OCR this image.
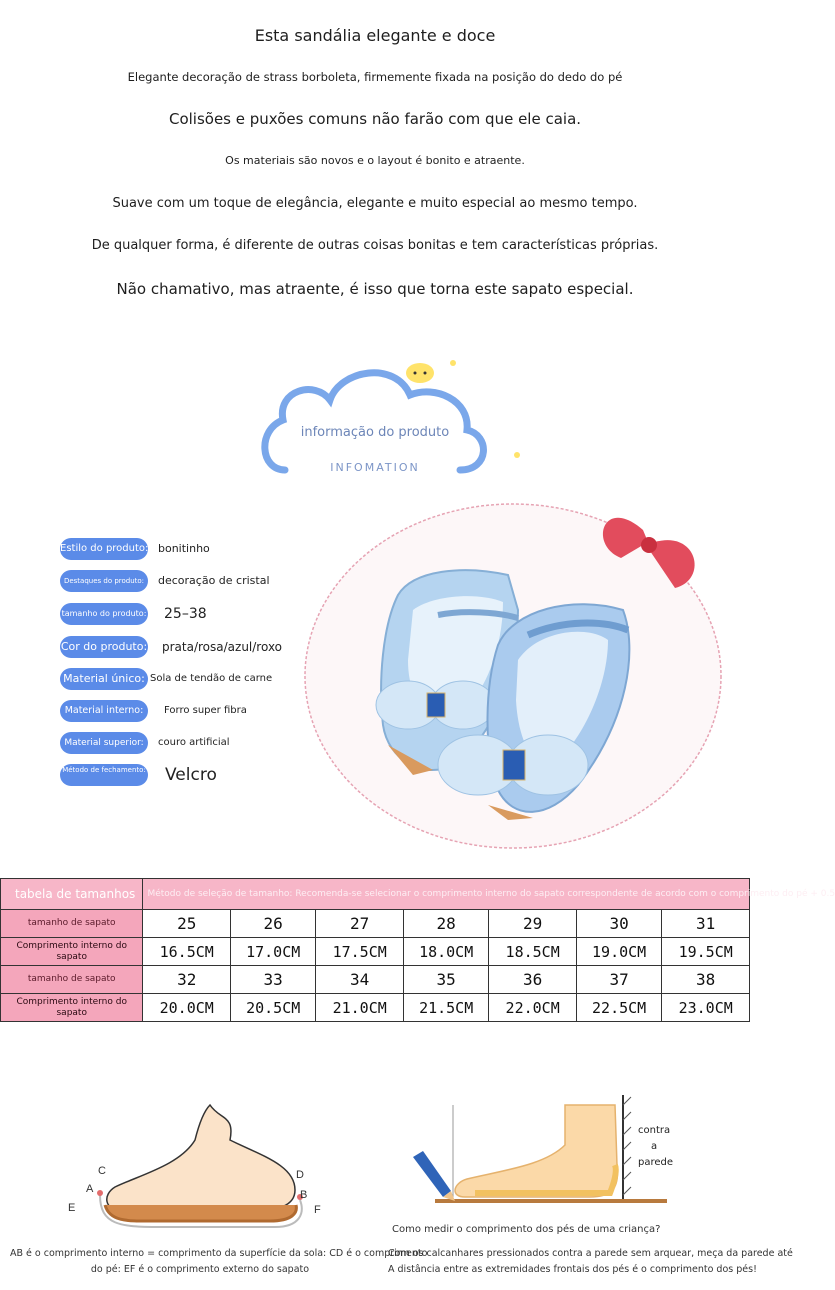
Esta sandália elegante e doce
Elegante decoração de strass borboleta, firmemente fixada na posição do dedo do pé
Colisões e puxões comuns não farão com que ele caia.
Os materiais são novos e o layout é bonito e atraente.
Suave com um toque de elegância, elegante e muito especial ao mesmo tempo.
De qualquer forma, é diferente de outras coisas bonitas e tem características próprias.
Não chamativo, mas atraente, é isso que torna este sapato especial.
informação do produto
INFOMATION
Estilo do produto: bonitinho
Destaques do produto:	decoração de cristal
tamanho do produto: 25–38
Cor do produto: prata/rosa/azul/roxo
Material único: Sola de tendão de carne
Material interno:	Forro super fibra
Material superior:	couro artificial
Método de fechamento: Velcro
tabela de tamanhos	Método de seleção de tamanho: Recomenda-se selecionar o comprimento interno do sapato correspondente de acordo com o comprimento do pé + 0.5						
tamanho de sapato	25	26	27	28	29	30	31
Comprimento interno do sapato	16.5CM	17.0CM	17.5CM	18.0CM	18.5CM	19.0CM	19.5CM
tamanho de sapato	32	33	34	35	36	37	38
Comprimento interno do sapato	20.0CM	20.5CM	21.0CM	21.5CM	22.0CM	22.5CM	23.0CM
C
A
D
B
E	F
AB é o comprimento interno = comprimento da superfície da sola: CD é o comprimento
do pé: EF é o comprimento externo do sapato
contra
a
parede
Como medir o comprimento dos pés de uma criança?
Com os calcanhares pressionados contra a parede sem arquear, meça da parede até
A distância entre as extremidades frontais dos pés é o comprimento dos pés!
